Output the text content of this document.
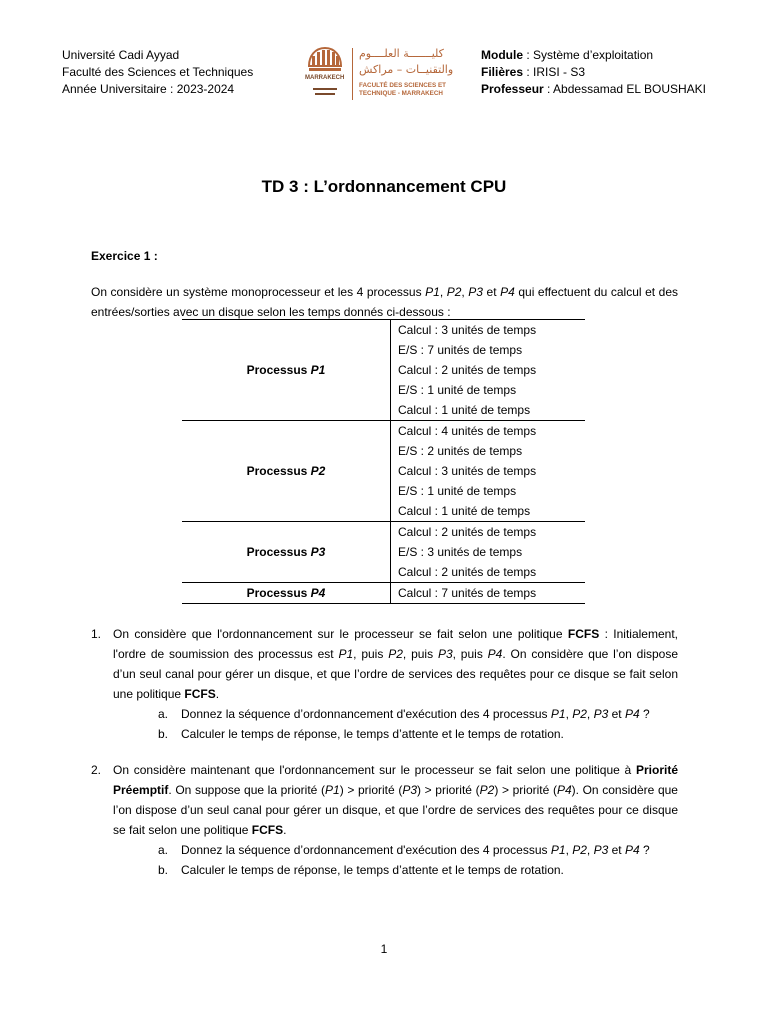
Université Cadi Ayyad
Faculté des Sciences et Techniques
Année Universitaire : 2023-2024
MARRAKECH
كليـــــــة العلــــوم
والتقنيــات – مراكش
FACULTÉ DES SCIENCES ET
TECHNIQUE - MARRAKECH
Module : Système d’exploitation
Filières : IRISI - S3
Professeur : Abdessamad EL BOUSHAKI
TD 3 : L’ordonnancement CPU
Exercice 1 :
On considère un système monoprocesseur et les 4 processus P1, P2, P3 et P4 qui effectuent du calcul et des entrées/sorties avec un disque selon les temps donnés ci-dessous :
Processus P1	Calcul : 3 unités de temps
	E/S : 7 unités de temps
	Calcul : 2 unités de temps
	E/S : 1 unité de temps
	Calcul : 1 unité de temps
Processus P2	Calcul : 4 unités de temps
	E/S : 2 unités de temps
	Calcul : 3 unités de temps
	E/S : 1 unité de temps
	Calcul : 1 unité de temps
Processus P3	Calcul : 2 unités de temps
	E/S : 3 unités de temps
	Calcul : 2 unités de temps
Processus P4	Calcul : 7 unités de temps
1. On considère que l'ordonnancement sur le processeur se fait selon une politique FCFS : Initialement, l'ordre de soumission des processus est P1, puis P2, puis P3, puis P4. On considère que l’on dispose d’un seul canal pour gérer un disque, et que l’ordre de services des requêtes pour ce disque se fait selon une politique FCFS.
a. Donnez la séquence d’ordonnancement d'exécution des 4 processus P1, P2, P3 et P4 ?
b. Calculer le temps de réponse, le temps d’attente et le temps de rotation.
2. On considère maintenant que l'ordonnancement sur le processeur se fait selon une politique à Priorité Préemptif. On suppose que la priorité (P1) > priorité (P3) > priorité (P2) > priorité (P4). On considère que l’on dispose d’un seul canal pour gérer un disque, et que l’ordre de services des requêtes pour ce disque se fait selon une politique FCFS.
a. Donnez la séquence d’ordonnancement d'exécution des 4 processus P1, P2, P3 et P4 ?
b. Calculer le temps de réponse, le temps d’attente et le temps de rotation.
1
